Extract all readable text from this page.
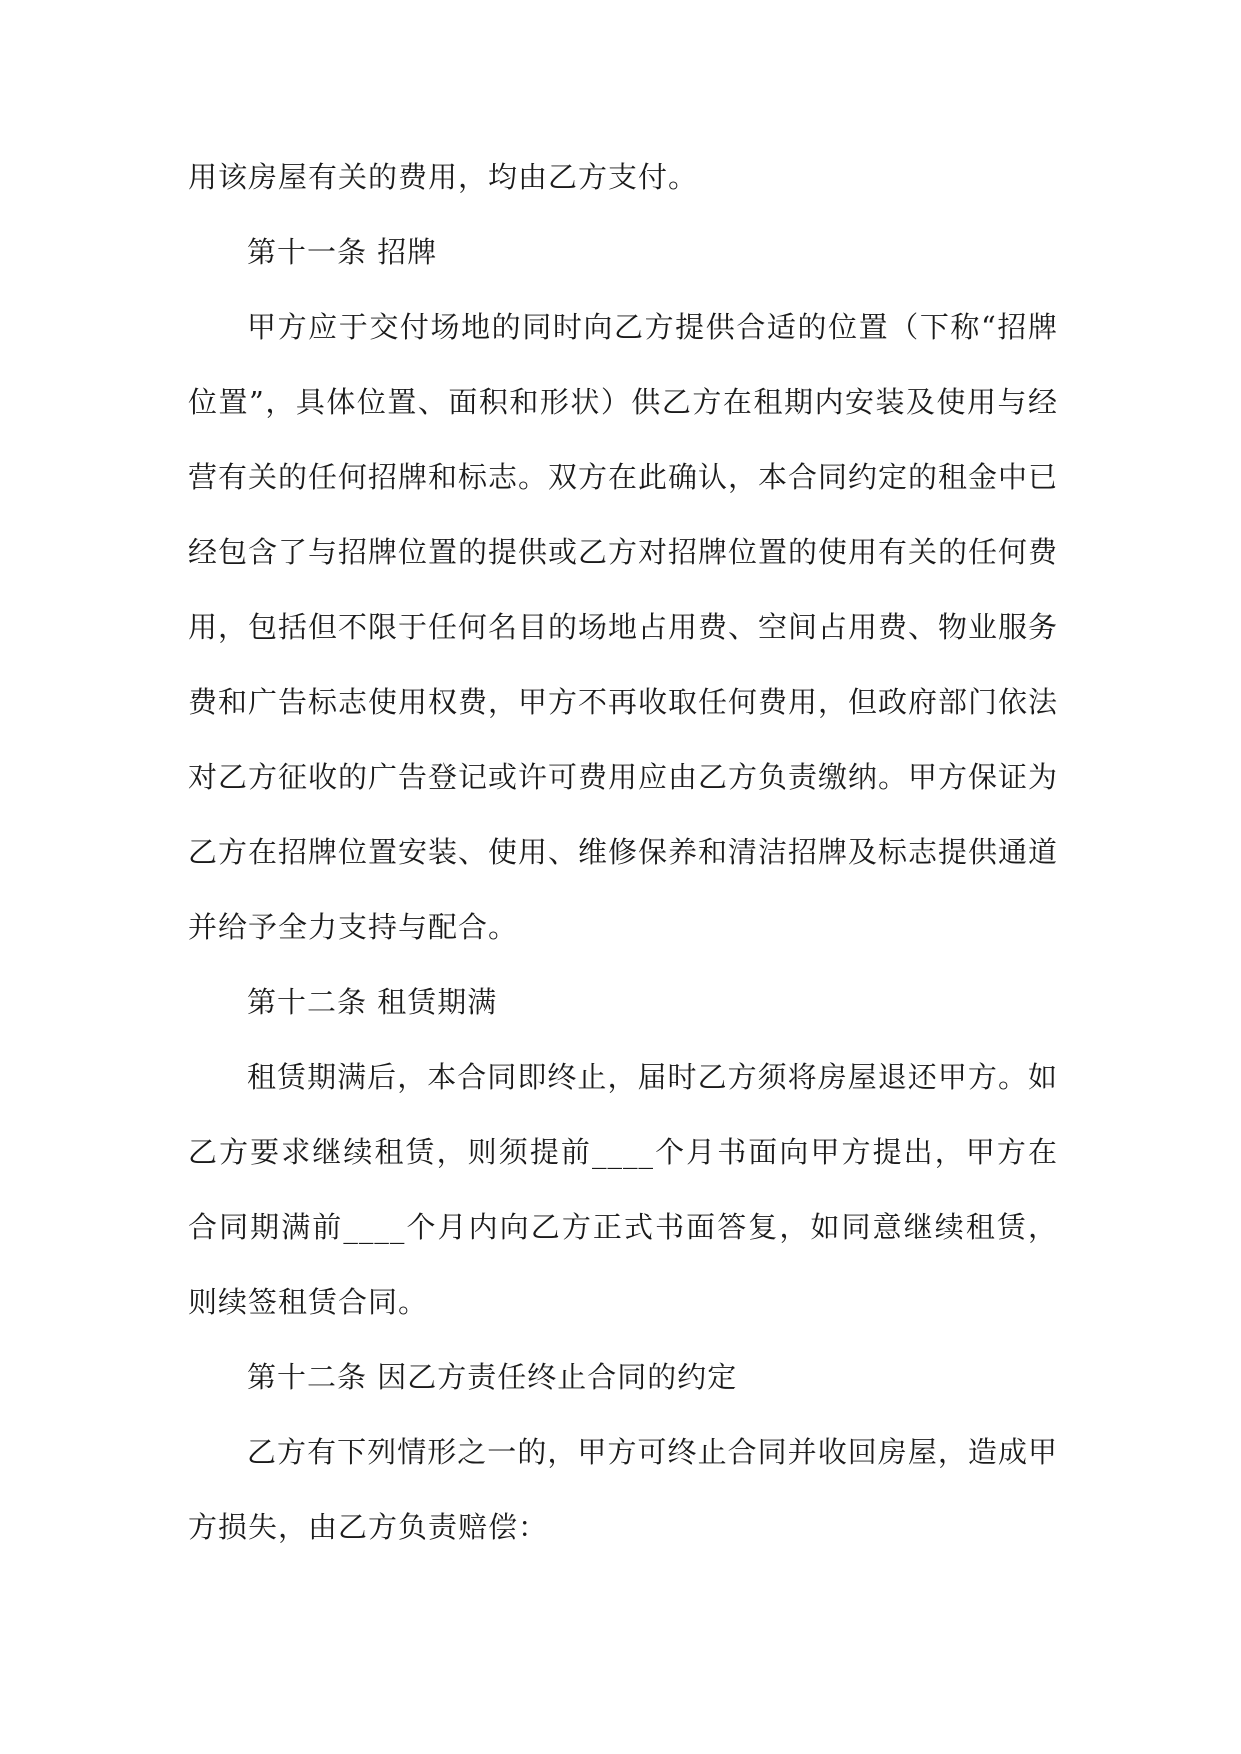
用该房屋有关的费用，均由乙方支付。

第十一条 招牌

甲方应于交付场地的同时向乙方提供合适的位置（下称“招牌位置”，具体位置、面积和形状）供乙方在租期内安装及使用与经营有关的任何招牌和标志。双方在此确认，本合同约定的租金中已经包含了与招牌位置的提供或乙方对招牌位置的使用有关的任何费用，包括但不限于任何名目的场地占用费、空间占用费、物业服务费和广告标志使用权费，甲方不再收取任何费用，但政府部门依法对乙方征收的广告登记或许可费用应由乙方负责缴纳。甲方保证为乙方在招牌位置安装、使用、维修保养和清洁招牌及标志提供通道并给予全力支持与配合。

第十二条 租赁期满

租赁期满后，本合同即终止，届时乙方须将房屋退还甲方。如乙方要求继续租赁，则须提前____个月书面向甲方提出，甲方在合同期满前____个月内向乙方正式书面答复，如同意继续租赁，则续签租赁合同。

第十二条 因乙方责任终止合同的约定

乙方有下列情形之一的，甲方可终止合同并收回房屋，造成甲方损失，由乙方负责赔偿：
